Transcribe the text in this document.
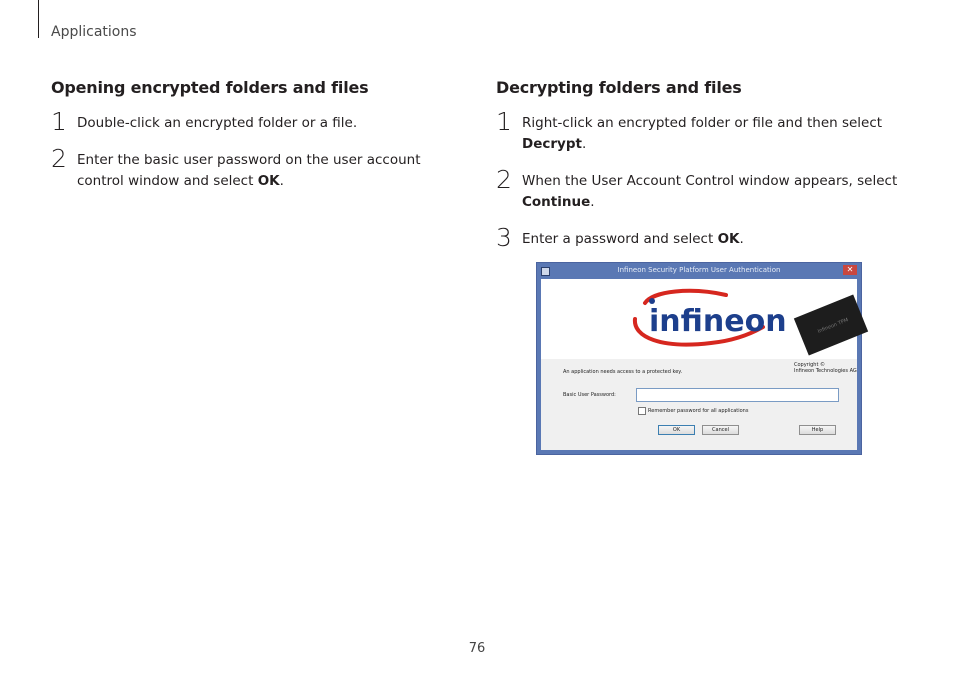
Applications
Opening encrypted folders and files
1 Double-click an encrypted folder or a file.
2 Enter the basic user password on the user account control window and select OK.
Decrypting folders and files
1 Right-click an encrypted folder or file and then select Decrypt.
2 When the User Account Control window appears, select Continue.
3 Enter a password and select OK.
Infineon Security Platform User Authentication	✕
infineon	Infineon TPM
Copyright ©
Infineon Technologies AG
An application needs access to a protected key.
Basic User Password:
Remember password for all applications
OK	Cancel	Help
76
